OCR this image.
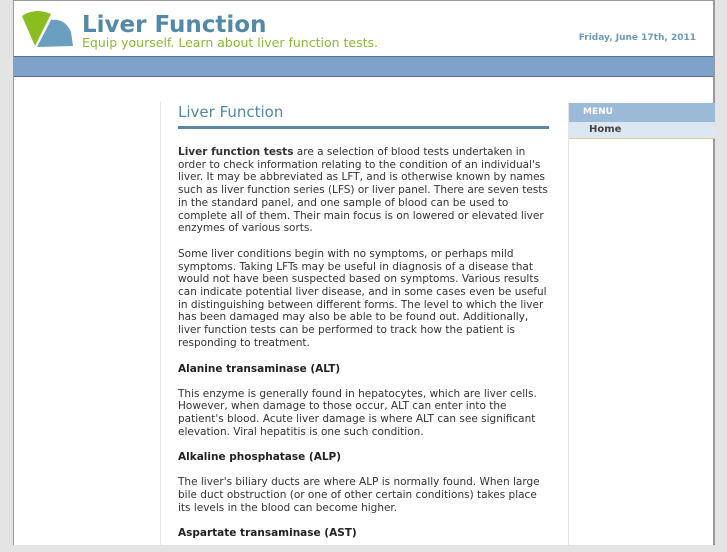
Liver Function
Equip yourself. Learn about liver function tests.	Friday, June 17th, 2011
Liver Function

Liver function tests are a selection of blood tests undertaken in order to check information relating to the condition of an individual's liver. It may be abbreviated as LFT, and is otherwise known by names such as liver function series (LFS) or liver panel. There are seven tests in the standard panel, and one sample of blood can be used to complete all of them. Their main focus is on lowered or elevated liver enzymes of various sorts.

Some liver conditions begin with no symptoms, or perhaps mild symptoms. Taking LFTs may be useful in diagnosis of a disease that would not have been suspected based on symptoms. Various results can indicate potential liver disease, and in some cases even be useful in distinguishing between different forms. The level to which the liver has been damaged may also be able to be found out. Additionally, liver function tests can be performed to track how the patient is responding to treatment.

Alanine transaminase (ALT)

This enzyme is generally found in hepatocytes, which are liver cells. However, when damage to those occur, ALT can enter into the patient's blood. Acute liver damage is where ALT can see significant elevation. Viral hepatitis is one such condition.

Alkaline phosphatase (ALP)

The liver's biliary ducts are where ALP is normally found. When large bile duct obstruction (or one of other certain conditions) takes place its levels in the blood can become higher.

Aspartate transaminase (AST)
MENU
Home
